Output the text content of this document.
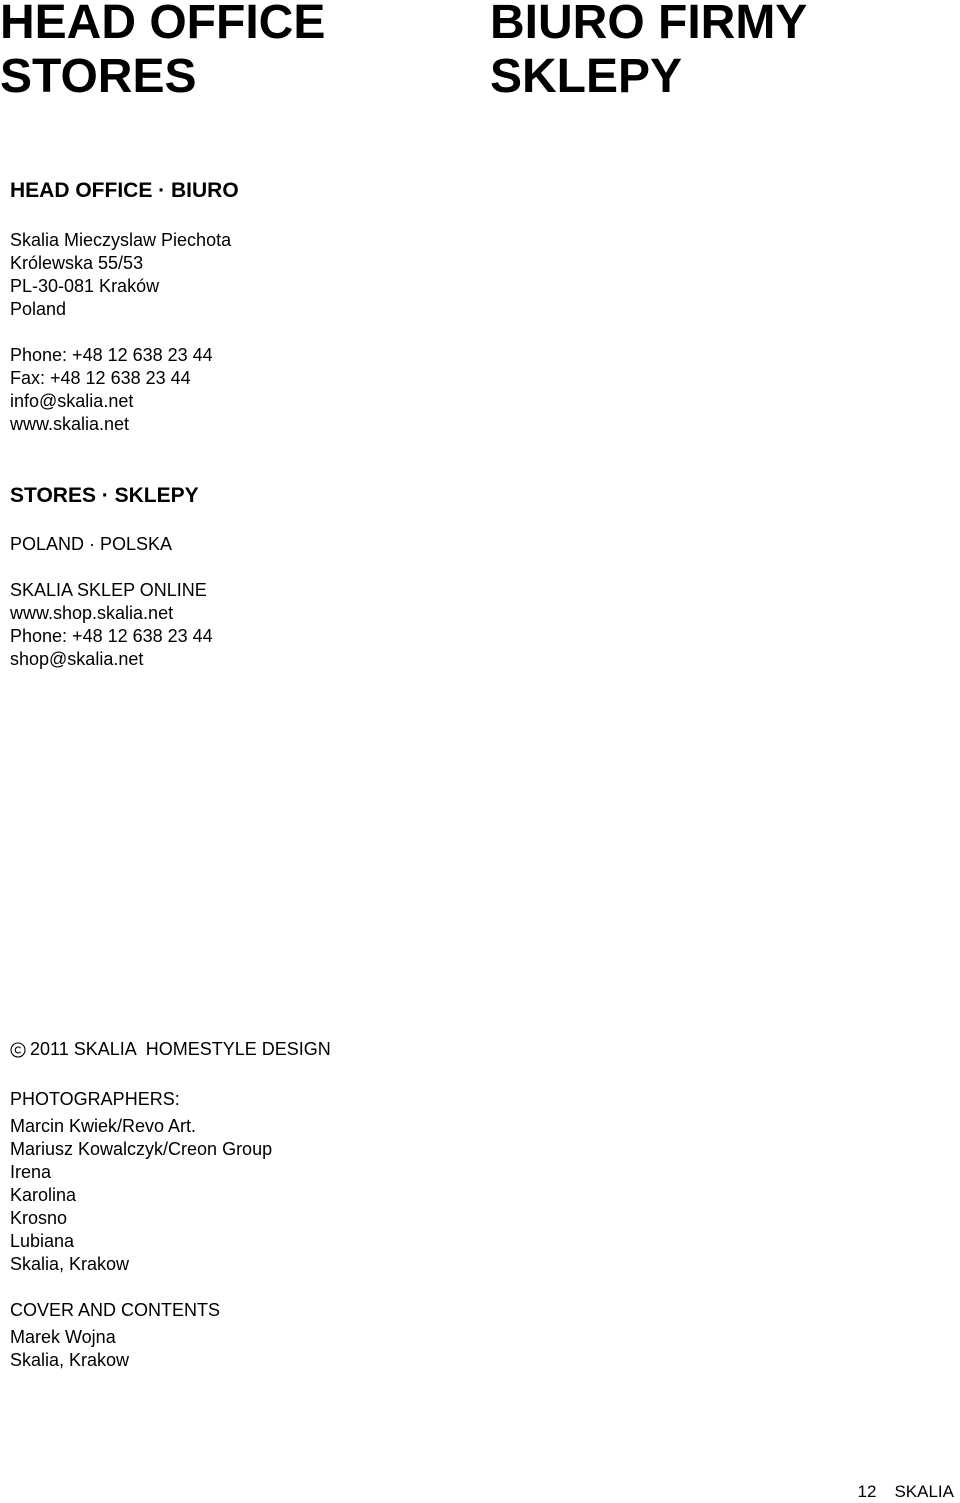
HEAD OFFICE
STORES
BIURO FIRMY
SKLEPY
HEAD OFFICE · BIURO
Skalia Mieczyslaw Piechota
Królewska 55/53
PL-30-081 Kraków
Poland
Phone: +48 12 638 23 44
Fax: +48 12 638 23 44
info@skalia.net
www.skalia.net
STORES · SKLEPY
POLAND · POLSKA
SKALIA SKLEP ONLINE
www.shop.skalia.net
Phone: +48 12 638 23 44
shop@skalia.net
2011 SKALIA  HOMESTYLE DESIGN
PHOTOGRAPHERS:
Marcin Kwiek/Revo Art.
Mariusz Kowalczyk/Creon Group
Irena
Karolina
Krosno
Lubiana
Skalia, Krakow
COVER AND CONTENTS
Marek Wojna
Skalia, Krakow
12 SKALIA
